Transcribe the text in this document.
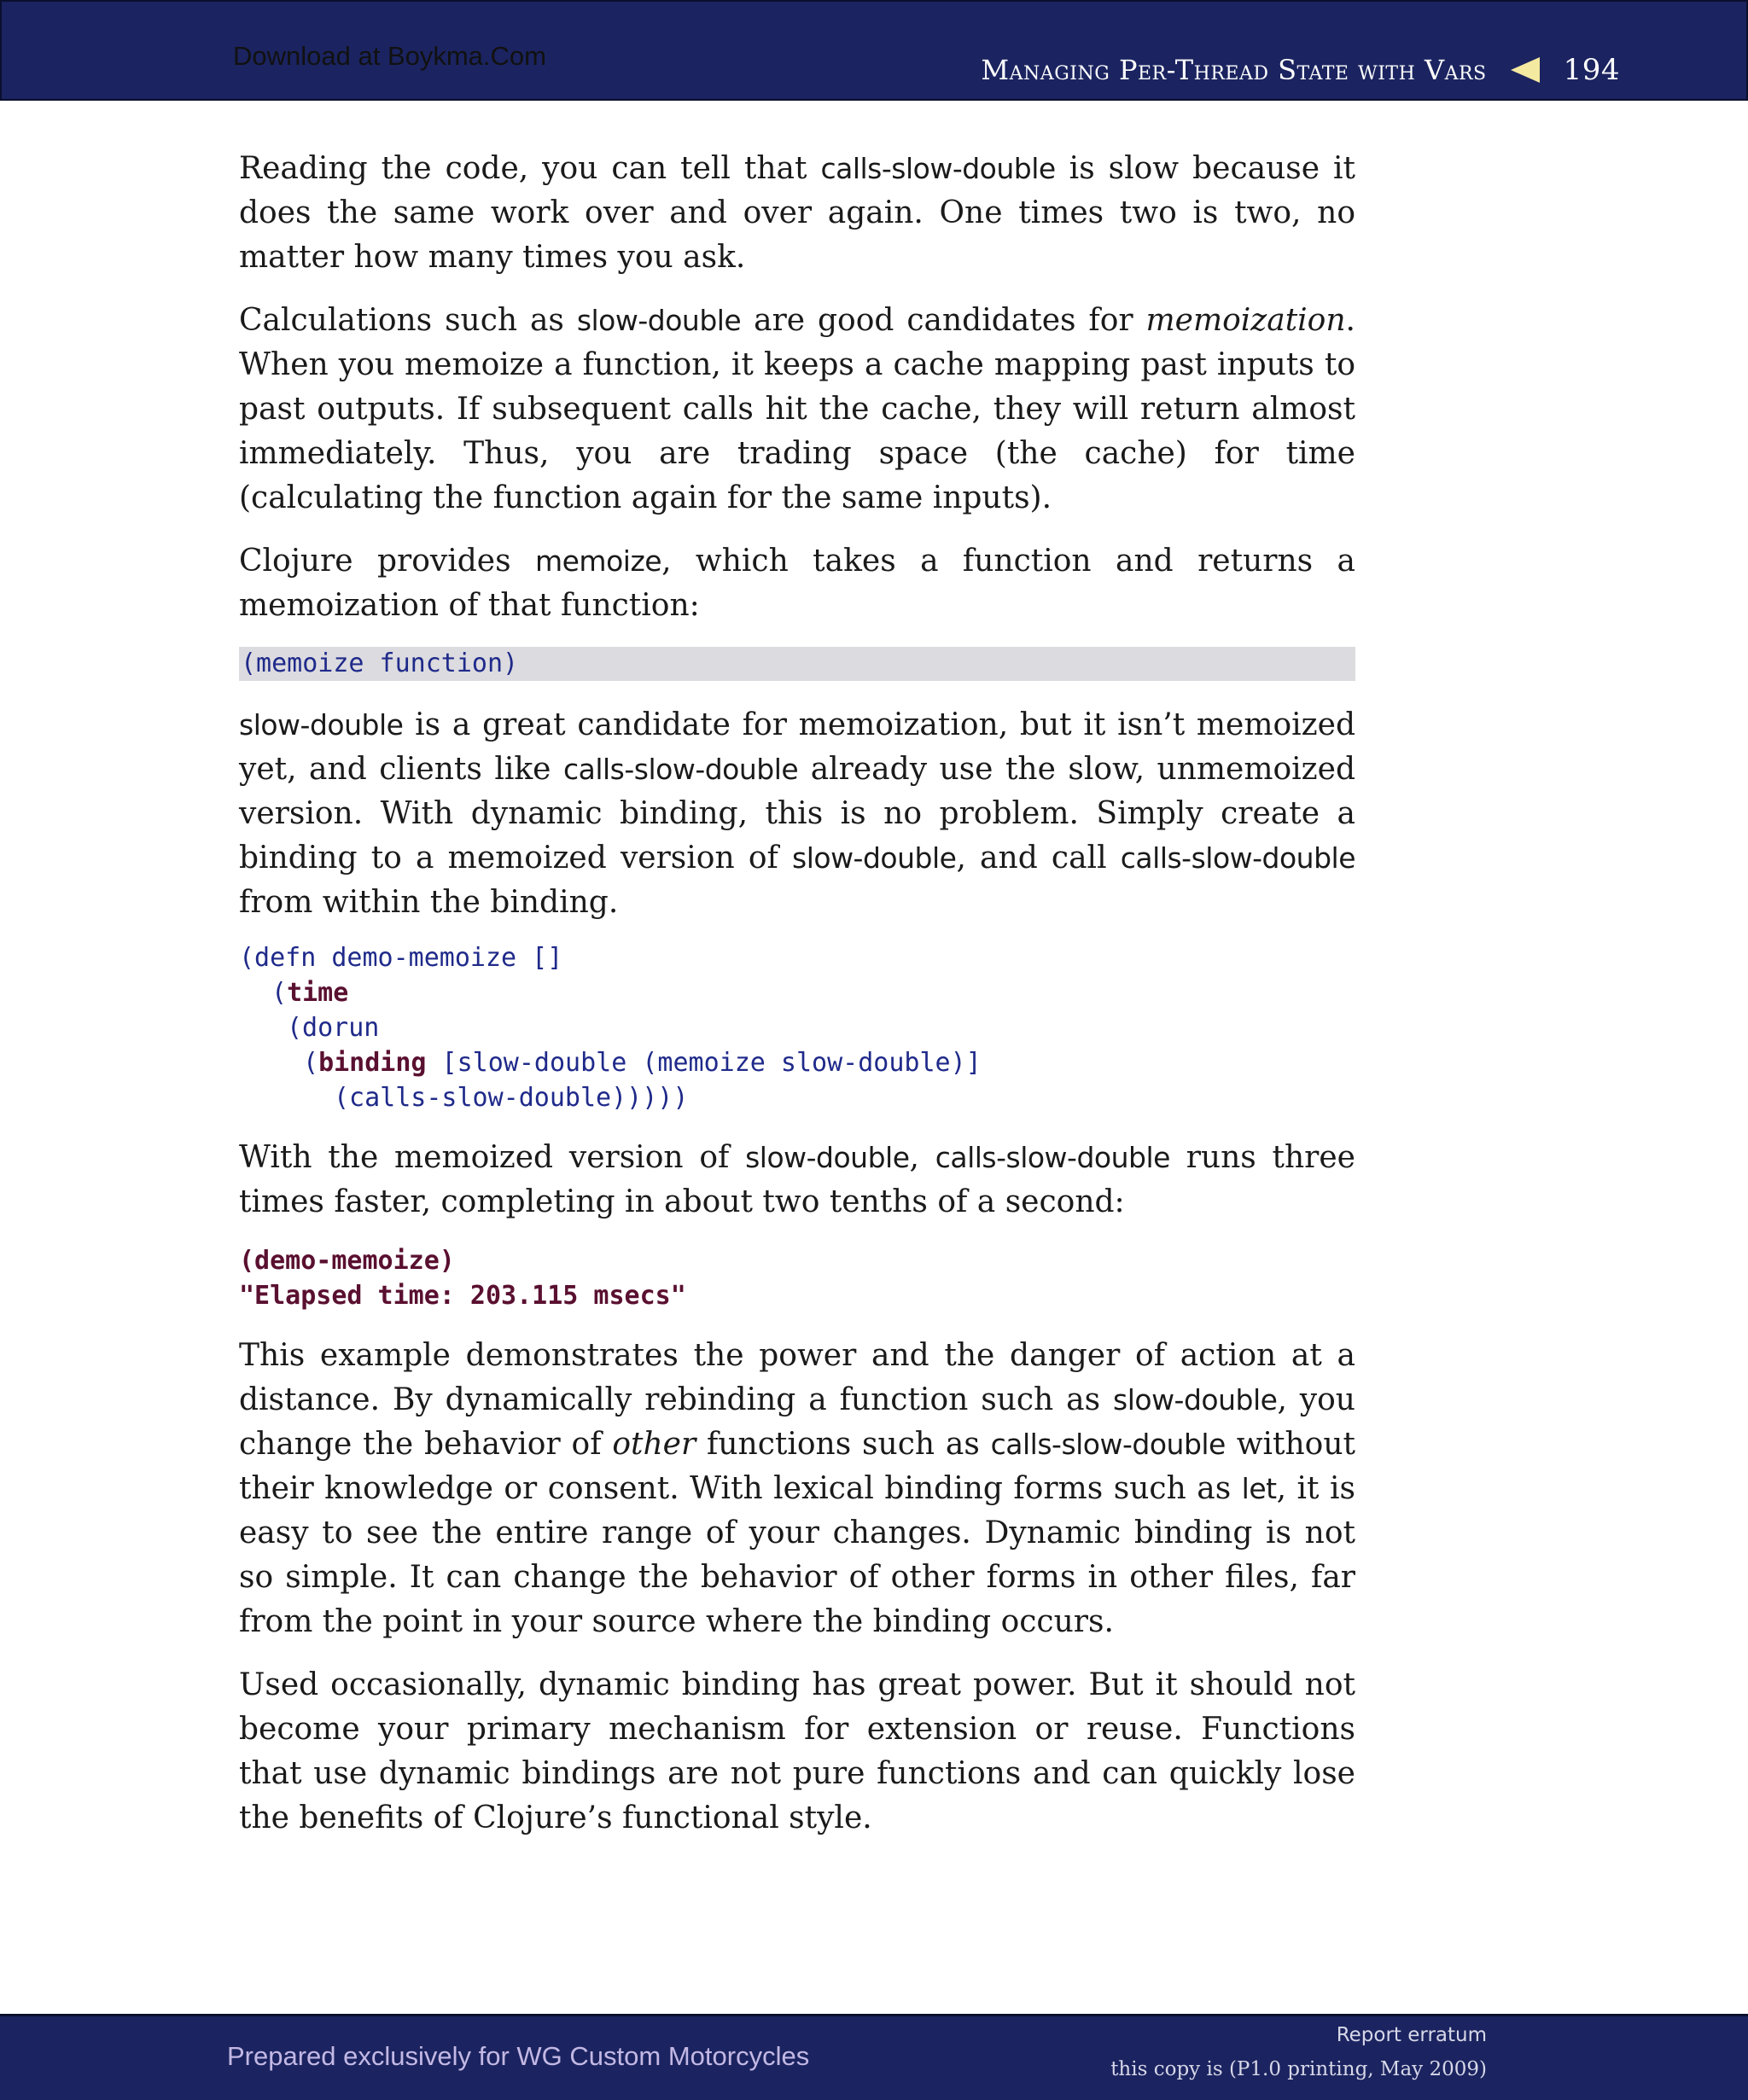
Download at Boykma.Com	Managing Per-Thread State with Vars	194

Reading the code, you can tell that calls-slow-double is slow because it does the same work over and over again. One times two is two, no matter how many times you ask.

Calculations such as slow-double are good candidates for memoization. When you memoize a function, it keeps a cache mapping past inputs to past outputs. If subsequent calls hit the cache, they will return almost immediately. Thus, you are trading space (the cache) for time (calculating the function again for the same inputs).

Clojure provides memoize, which takes a function and returns a memoization of that function:

(memoize function)

slow-double is a great candidate for memoization, but it isn’t memoized yet, and clients like calls-slow-double already use the slow, unmemoized version. With dynamic binding, this is no problem. Simply create a binding to a memoized version of slow-double, and call calls-slow-double from within the binding.

(defn demo-memoize []
(time
(dorun
(binding [slow-double (memoize slow-double)]
(calls-slow-double)))))

With the memoized version of slow-double, calls-slow-double runs three times faster, completing in about two tenths of a second:

(demo-memoize)
"Elapsed time: 203.115 msecs"

This example demonstrates the power and the danger of action at a distance. By dynamically rebinding a function such as slow-double, you change the behavior of other functions such as calls-slow-double without their knowledge or consent. With lexical binding forms such as let, it is easy to see the entire range of your changes. Dynamic binding is not so simple. It can change the behavior of other forms in other files, far from the point in your source where the binding occurs.

Used occasionally, dynamic binding has great power. But it should not become your primary mechanism for extension or reuse. Functions that use dynamic bindings are not pure functions and can quickly lose the benefits of Clojure’s functional style.

Prepared exclusively for WG Custom Motorcycles
Report erratum
this copy is (P1.0 printing, May 2009)
